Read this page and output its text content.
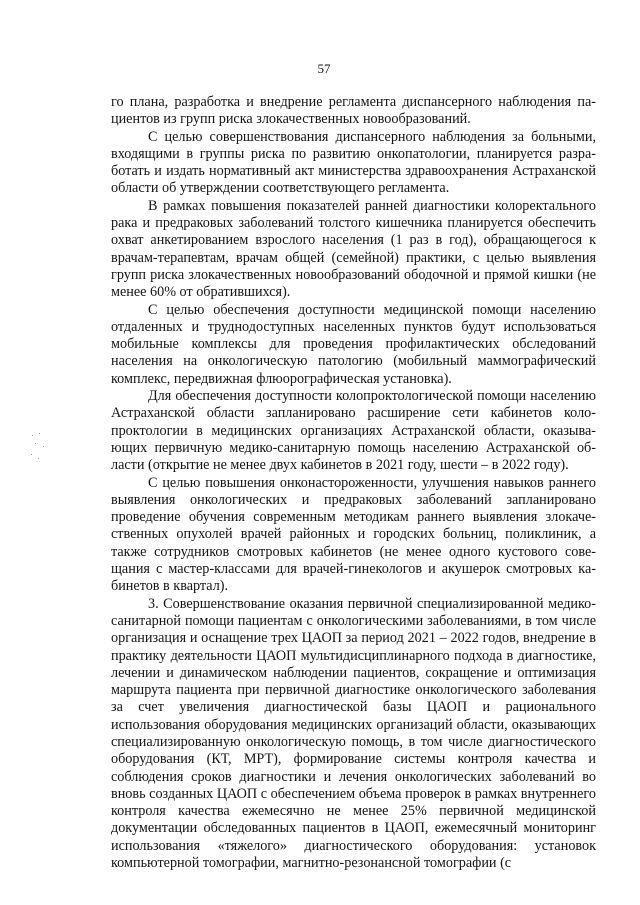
57

го плана, разработка и внедрение регламента диспансерного наблюдения пациентов из групп риска злокачественных новообразований.

С целью совершенствования диспансерного наблюдения за больными, входящими в группы риска по развитию онкопатологии, планируется разработать и издать нормативный акт министерства здравоохранения Астраханской области об утверждении соответствующего регламента.

В рамках повышения показателей ранней диагностики колоректального рака и предраковых заболеваний толстого кишечника планируется обеспечить охват анкетированием взрослого населения (1 раз в год), обращающегося к врачам-терапевтам, врачам общей (семейной) практики, с целью выявления групп риска злокачественных новообразований ободочной и прямой кишки (не менее 60% от обратившихся).

С целью обеспечения доступности медицинской помощи населению отдаленных и труднодоступных населенных пунктов будут использоваться мобильные комплексы для проведения профилактических обследований населения на онкологическую патологию (мобильный маммографический комплекс, передвижная флюорографическая установка).

Для обеспечения доступности колопроктологической помощи населению Астраханской области запланировано расширение сети кабинетов колопроктологии в медицинских организациях Астраханской области, оказывающих первичную медико-санитарную помощь населению Астраханской области (открытие не менее двух кабинетов в 2021 году, шести – в 2022 году).

С целью повышения онконастороженности, улучшения навыков раннего выявления онкологических и предраковых заболеваний запланировано проведение обучения современным методикам раннего выявления злокачественных опухолей врачей районных и городских больниц, поликлиник, а также сотрудников смотровых кабинетов (не менее одного кустового совещания с мастер-классами для врачей-гинекологов и акушерок смотровых кабинетов в квартал).

3. Совершенствование оказания первичной специализированной медико-санитарной помощи пациентам с онкологическими заболеваниями, в том числе организация и оснащение трех ЦАОП за период 2021 – 2022 годов, внедрение в практику деятельности ЦАОП мультидисциплинарного подхода в диагностике, лечении и динамическом наблюдении пациентов, сокращение и оптимизация маршрута пациента при первичной диагностике онкологического заболевания за счет увеличения диагностической базы ЦАОП и рационального использования оборудования медицинских организаций области, оказывающих специализированную онкологическую помощь, в том числе диагностического оборудования (КТ, МРТ), формирование системы контроля качества и соблюдения сроков диагностики и лечения онкологических заболеваний во вновь созданных ЦАОП с обеспечением объема проверок в рамках внутреннего контроля качества ежемесячно не менее 25% первичной медицинской документации обследованных пациентов в ЦАОП, ежемесячный мониторинг использования «тяжелого» диагностического оборудования: установок компьютерной томографии, магнитно-резонансной томографии (с
